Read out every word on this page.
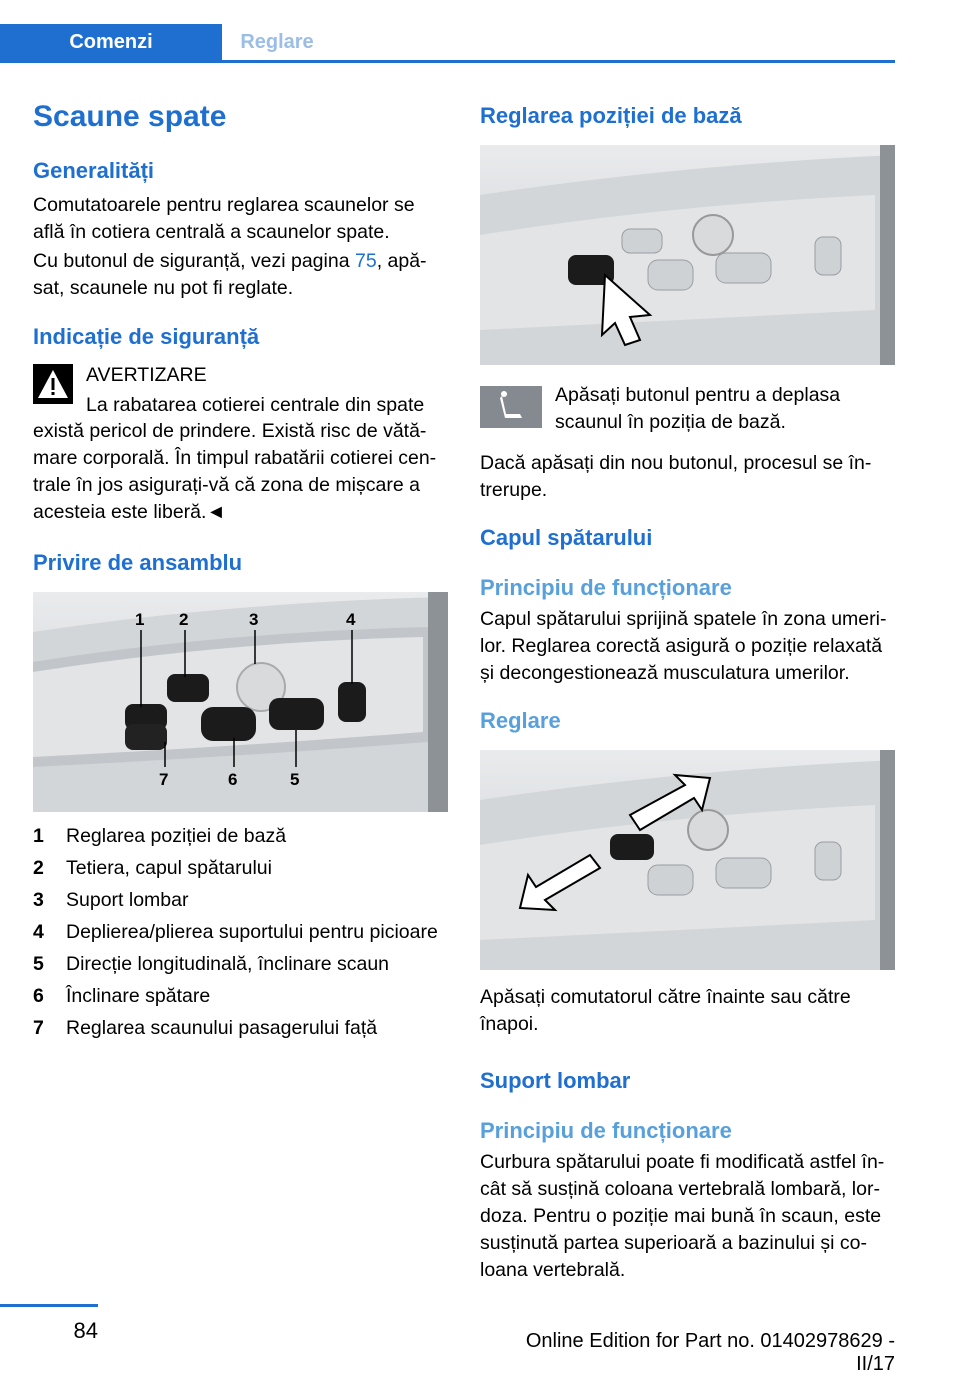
Comenzi	Reglare
Scaune spate
Generalități
Comutatoarele pentru reglarea scaunelor se află în cotiera centrală a scaunelor spate.
Cu butonul de siguranță, vezi pagina 75, apă-sat, scaunele nu pot fi reglate.
Indicație de siguranță
AVERTIZARE
La rabatarea cotierei centrale din spate
există pericol de prindere. Există risc de vătă-mare corporală. În timpul rabatării cotierei cen-trale în jos asigurați-vă că zona de mișcare a acesteia este liberă.◄
Privire de ansamblu
1 2	3	4
7	6	5
1	Reglarea poziției de bază
2	Tetiera, capul spătarului
3	Suport lombar
4	Deplierea/plierea suportului pentru picioare
5	Direcție longitudinală, înclinare scaun
6	Înclinare spătare
7	Reglarea scaunului pasagerului față
Reglarea poziției de bază
Apăsați butonul pentru a deplasa scaunul în poziția de bază.
Dacă apăsați din nou butonul, procesul se în-trerupe.
Capul spătarului
Principiu de funcționare
Capul spătarului sprijină spatele în zona umeri-lor. Reglarea corectă asigură o poziție relaxată și decongestionează musculatura umerilor.
Reglare
Apăsați comutatorul către înainte sau către înapoi.
Suport lombar
Principiu de funcționare
Curbura spătarului poate fi modificată astfel în-cât să susțină coloana vertebrală lombară, lor-doza. Pentru o poziție mai bună în scaun, este susținută partea superioară a bazinului și co-loana vertebrală.
84	Online Edition for Part no. 01402978629 - II/17
